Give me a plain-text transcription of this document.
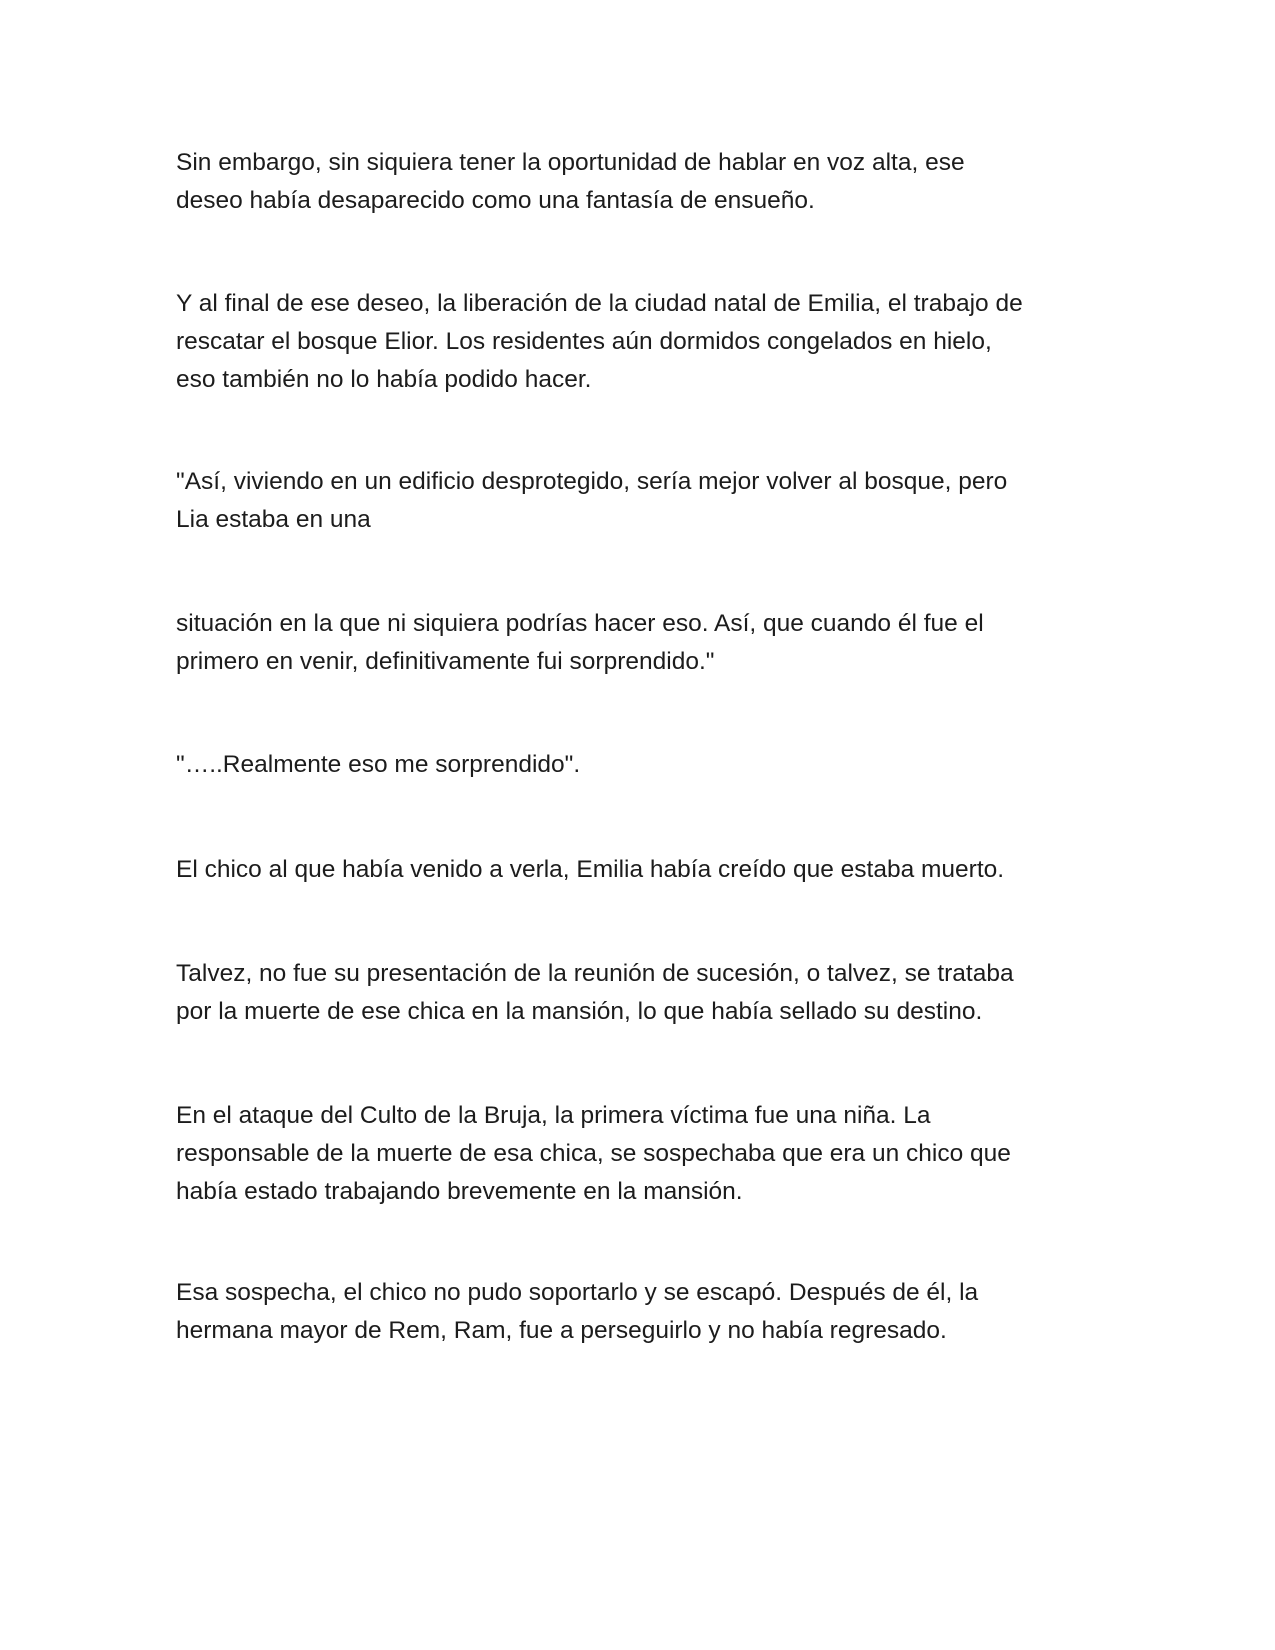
Sin embargo, sin siquiera tener la oportunidad de hablar en voz alta, ese
deseo había desaparecido como una fantasía de ensueño.

Y al final de ese deseo, la liberación de la ciudad natal de Emilia, el trabajo de
rescatar el bosque Elior. Los residentes aún dormidos congelados en hielo,
eso también no lo había podido hacer.

"Así, viviendo en un edificio desprotegido, sería mejor volver al bosque, pero
Lia estaba en una

situación en la que ni siquiera podrías hacer eso. Así, que cuando él fue el
primero en venir, definitivamente fui sorprendido."

"…..Realmente eso me sorprendido".

El chico al que había venido a verla, Emilia había creído que estaba muerto.

Talvez, no fue su presentación de la reunión de sucesión, o talvez, se trataba
por la muerte de ese chica en la mansión, lo que había sellado su destino.

En el ataque del Culto de la Bruja, la primera víctima fue una niña. La
responsable de la muerte de esa chica, se sospechaba que era un chico que
había estado trabajando brevemente en la mansión.

Esa sospecha, el chico no pudo soportarlo y se escapó. Después de él, la
hermana mayor de Rem, Ram, fue a perseguirlo y no había regresado.
